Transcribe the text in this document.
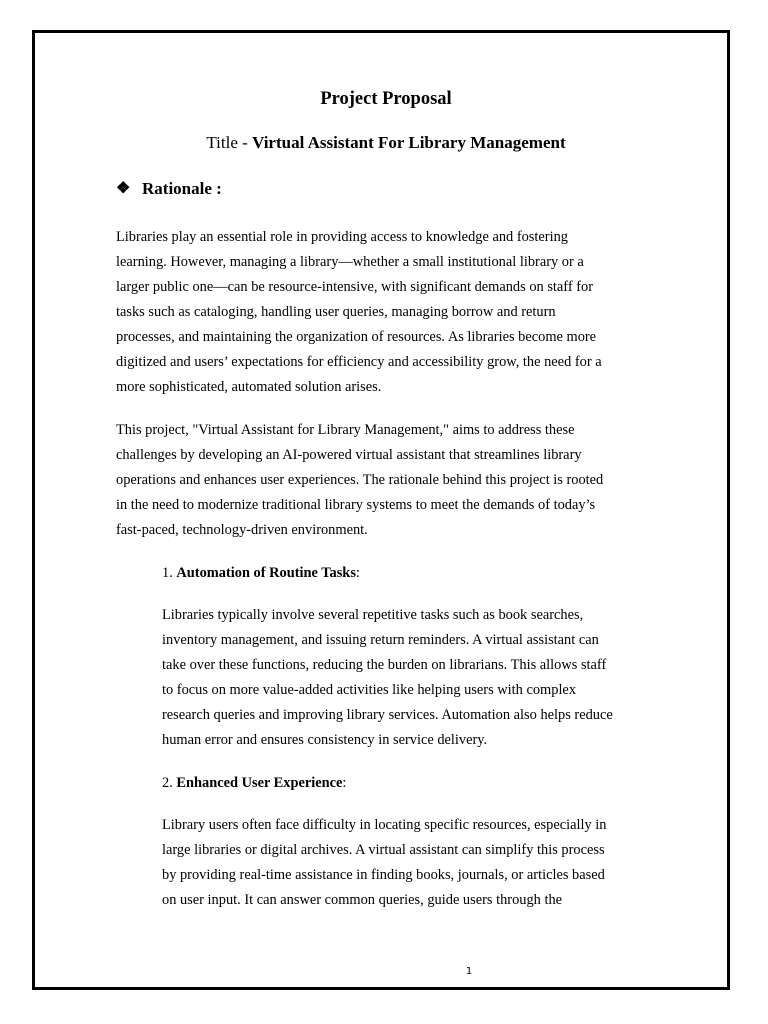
Project Proposal

Title - Virtual Assistant For Library Management

❖ Rationale :

Libraries play an essential role in providing access to knowledge and fostering
learning. However, managing a library—whether a small institutional library or a
larger public one—can be resource-intensive, with significant demands on staff for
tasks such as cataloging, handling user queries, managing borrow and return
processes, and maintaining the organization of resources. As libraries become more
digitized and users’ expectations for efficiency and accessibility grow, the need for a
more sophisticated, automated solution arises.

This project, "Virtual Assistant for Library Management," aims to address these
challenges by developing an AI-powered virtual assistant that streamlines library
operations and enhances user experiences. The rationale behind this project is rooted
in the need to modernize traditional library systems to meet the demands of today’s
fast-paced, technology-driven environment.

1. Automation of Routine Tasks:

Libraries typically involve several repetitive tasks such as book searches,
inventory management, and issuing return reminders. A virtual assistant can
take over these functions, reducing the burden on librarians. This allows staff
to focus on more value-added activities like helping users with complex
research queries and improving library services. Automation also helps reduce
human error and ensures consistency in service delivery.

2. Enhanced User Experience:

Library users often face difficulty in locating specific resources, especially in
large libraries or digital archives. A virtual assistant can simplify this process
by providing real-time assistance in finding books, journals, or articles based
on user input. It can answer common queries, guide users through the

1
